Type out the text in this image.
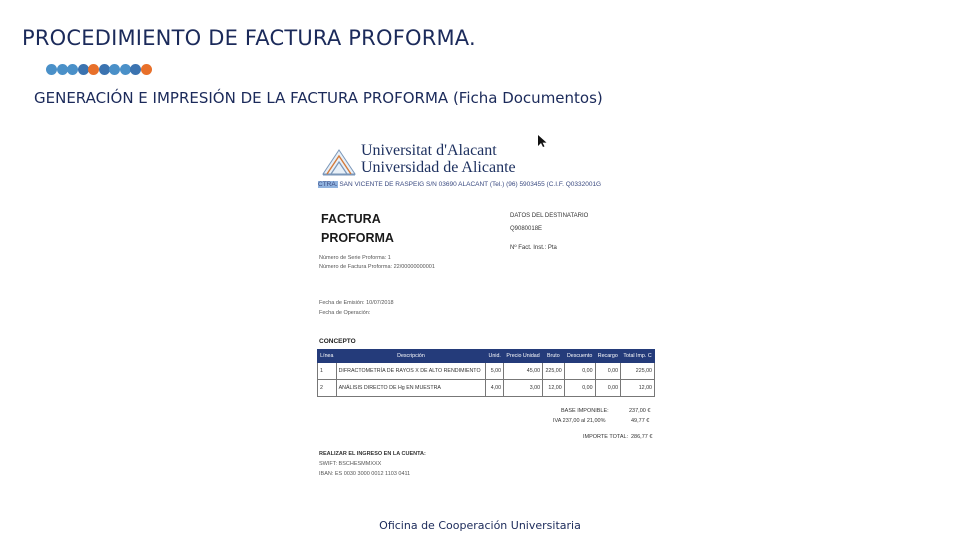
PROCEDIMIENTO DE FACTURA PROFORMA.
GENERACIÓN E IMPRESIÓN DE LA FACTURA PROFORMA (Ficha Documentos)
Universitat d'Alacant
Universidad de Alicante
CTRA. SAN VICENTE DE RASPEIG S/N 03690 ALACANT (Tel.) (96) 5903455 (C.I.F. Q0332001G
FACTURA
PROFORMA
DATOS DEL DESTINATARIO
Q9080018E
Nº Fact. Inst.: Pta
Número de Serie Proforma: 1
Número de Factura Proforma: 22/00000000001
Fecha de Emisión: 10/07/2018
Fecha de Operación:
CONCEPTO
Línea	Descripción	Unid.	Precio Unidad	Bruto	Descuento	Recargo	Total Imp. C
1	DIFRACTOMETRÍA DE RAYOS X DE ALTO RENDIMIENTO	5,00	45,00	225,00	0,00	0,00	225,00
2	ANÁLISIS DIRECTO DE Hg EN MUESTRA	4,00	3,00	12,00	0,00	0,00	12,00
BASE IMPONIBLE:	237,00 €
IVA 237,00 al 21,00%	49,77 €
IMPORTE TOTAL: 286,77 €
REALIZAR EL INGRESO EN LA CUENTA:
SWIFT: BSCHESMMXXX
IBAN: ES 0030 3000 0012 1103 0411
Oficina de Cooperación Universitaria
